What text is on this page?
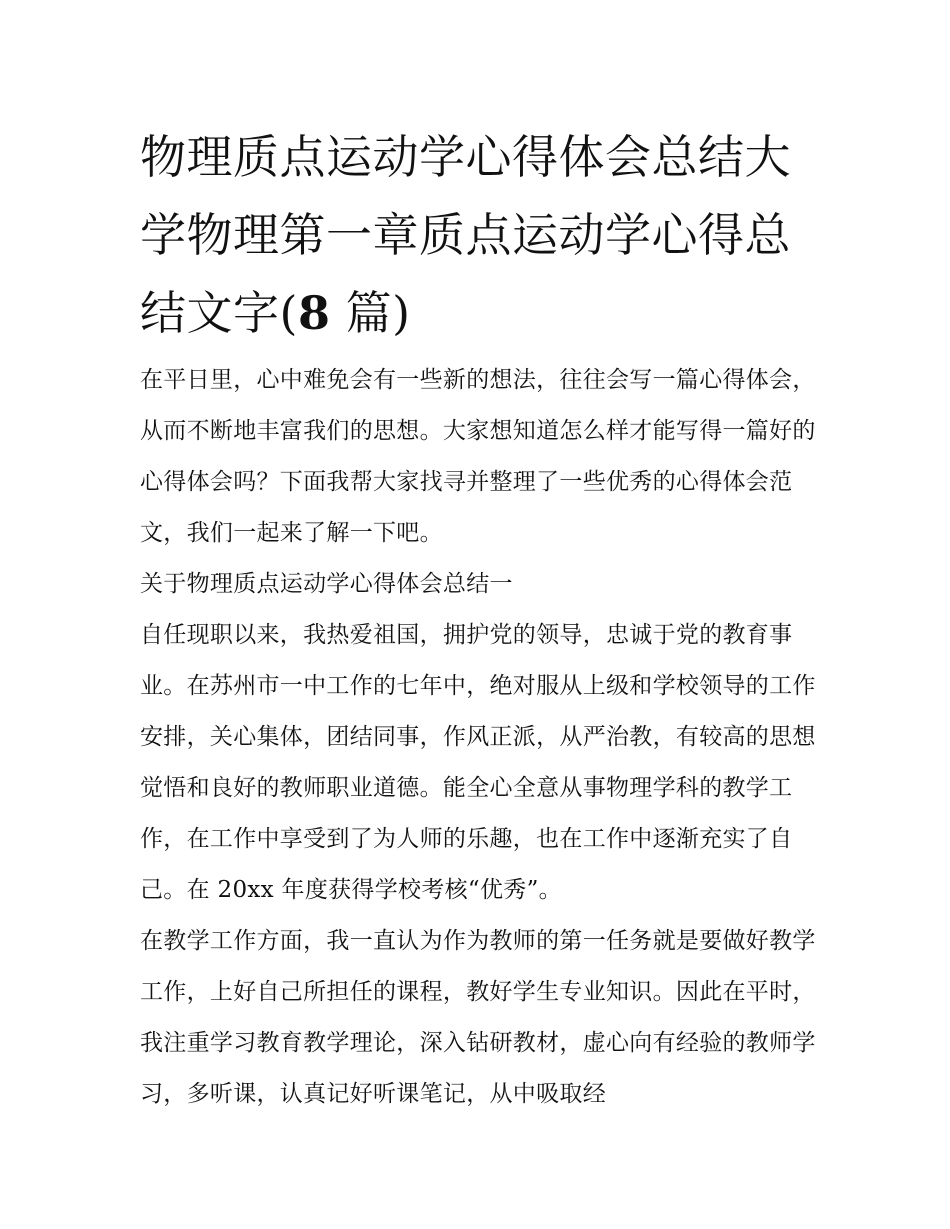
物理质点运动学心得体会总结大学物理第一章质点运动学心得总结文字(8 篇)

在平日里，心中难免会有一些新的想法，往往会写一篇心得体会，从而不断地丰富我们的思想。大家想知道怎么样才能写得一篇好的心得体会吗？下面我帮大家找寻并整理了一些优秀的心得体会范文，我们一起来了解一下吧。

关于物理质点运动学心得体会总结一

自任现职以来，我热爱祖国，拥护党的领导，忠诚于党的教育事业。在苏州市一中工作的七年中，绝对服从上级和学校领导的工作安排，关心集体，团结同事，作风正派，从严治教，有较高的思想觉悟和良好的教师职业道德。能全心全意从事物理学科的教学工作，在工作中享受到了为人师的乐趣，也在工作中逐渐充实了自己。在 20xx 年度获得学校考核“优秀”。

在教学工作方面，我一直认为作为教师的第一任务就是要做好教学工作，上好自己所担任的课程，教好学生专业知识。因此在平时，我注重学习教育教学理论，深入钻研教材，虚心向有经验的教师学习，多听课，认真记好听课笔记，从中吸取经
